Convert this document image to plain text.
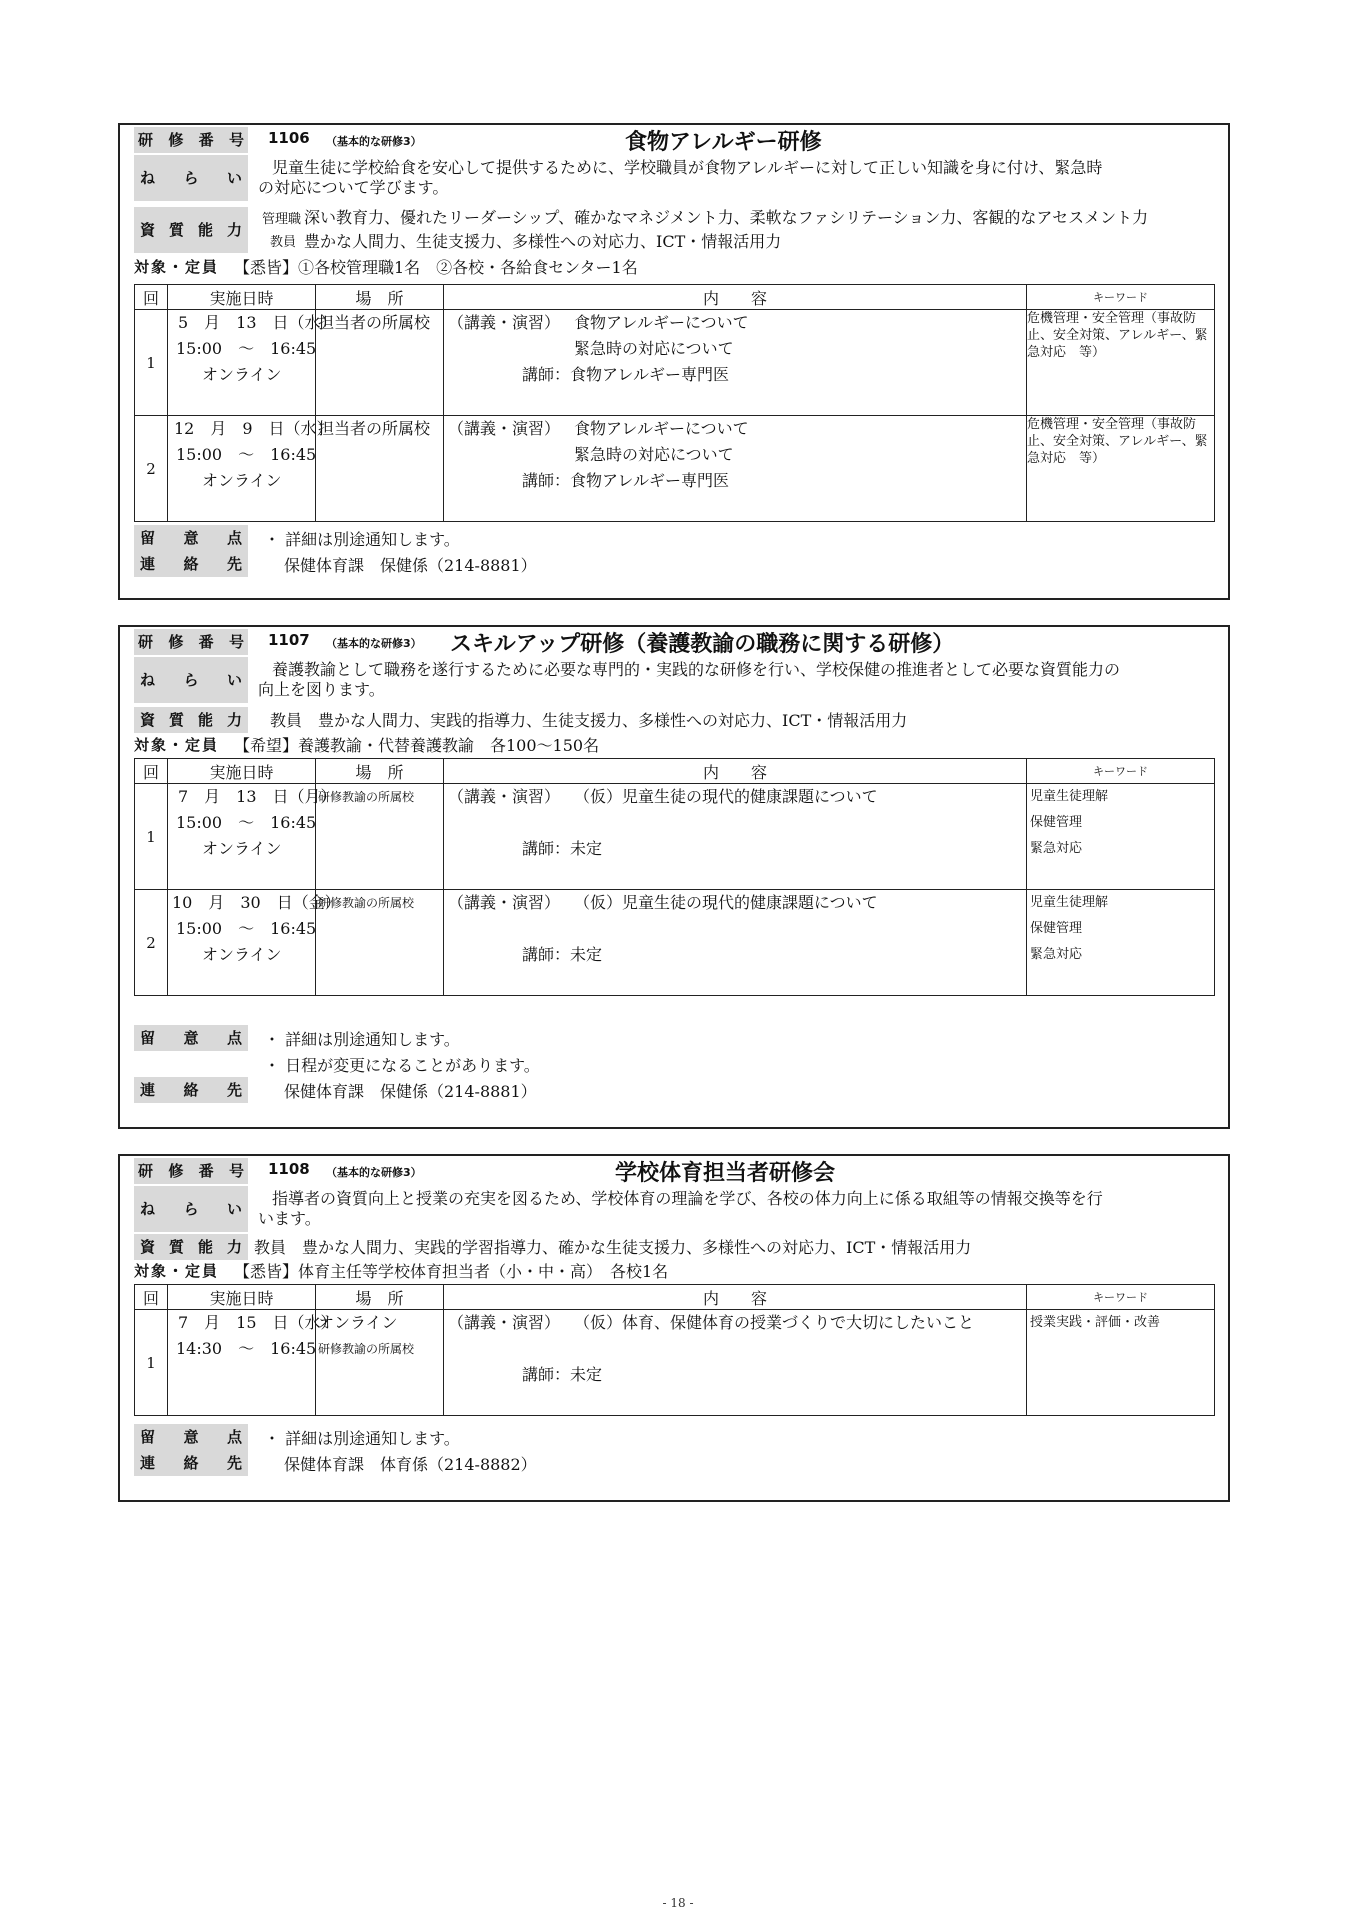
研 修 番 号 1106 （基本的な研修3）	食物アレルギー研修
ね ら い
児童生徒に学校給食を安心して提供するために、学校職員が食物アレルギーに対して正しい知識を身に付け、緊急時
の対応について学びます。
資 質 能 力
管理職 深い教育力、優れたリーダーシップ、確かなマネジメント力、柔軟なファシリテーション力、客観的なアセスメント力
教員 豊かな人間力、生徒支援力、多様性への対応力、ICT・情報活用力
対象・定員 【悉皆】①各校管理職1名　②各校・各給食センター1名
回	実施日時	場　所	内　　容	キーワード
1	5　月　13　日（水）
15:00　～　16:45
オンライン	担当者の所属校	（講義・演習） 食物アレルギーについて
緊急時の対応について
講師：食物アレルギー専門医	危機管理・安全管理（事故防止、安全対策、アレルギー、緊急対応　等）
2	12　月　9　日（水）
15:00　～　16:45
オンライン	担当者の所属校	（講義・演習） 食物アレルギーについて
緊急時の対応について
講師：食物アレルギー専門医	危機管理・安全管理（事故防止、安全対策、アレルギー、緊急対応　等）
留 意 点 ・ 詳細は別途通知します。
連 絡 先	保健体育課　保健係（214-8881）
研 修 番 号 1107 （基本的な研修3） スキルアップ研修（養護教諭の職務に関する研修）
ね ら い
養護教諭として職務を遂行するために必要な専門的・実践的な研修を行い、学校保健の推進者として必要な資質能力の
向上を図ります。
資 質 能 力 教員　豊かな人間力、実践的指導力、生徒支援力、多様性への対応力、ICT・情報活用力
対象・定員 【希望】養護教諭・代替養護教諭　各100～150名
回	実施日時	場　所	内　　容	キーワード
1	7　月　13　日（月）
15:00　～　16:45
オンライン	研修教諭の所属校	（講義・演習） （仮）児童生徒の現代的健康課題について
講師：未定	児童生徒理解
保健管理
緊急対応

2	10　月　30　日（金）
15:00　～　16:45
オンライン	研修教諭の所属校	（講義・演習） （仮）児童生徒の現代的健康課題について
講師：未定	児童生徒理解
保健管理
緊急対応
留 意 点 ・ 詳細は別途通知します。
・ 日程が変更になることがあります。
連 絡 先	保健体育課　保健係（214-8881）
研 修 番 号 1108 （基本的な研修3）	学校体育担当者研修会
ね ら い
指導者の資質向上と授業の充実を図るため、学校体育の理論を学び、各校の体力向上に係る取組等の情報交換等を行
います。
資 質 能 力 教員　豊かな人間力、実践的学習指導力、確かな生徒支援力、多様性への対応力、ICT・情報活用力
対象・定員 【悉皆】体育主任等学校体育担当者（小・中・高）　各校1名
回	実施日時	場　所	内　　容	キーワード
1	7　月　15　日（水）
14:30　～　16:45	オンライン
研修教諭の所属校	（講義・演習） （仮）体育、保健体育の授業づくりで大切にしたいこと
講師：未定	授業実践・評価・改善
留 意 点 ・ 詳細は別途通知します。
連 絡 先	保健体育課　体育係（214-8882）
- 18 -
